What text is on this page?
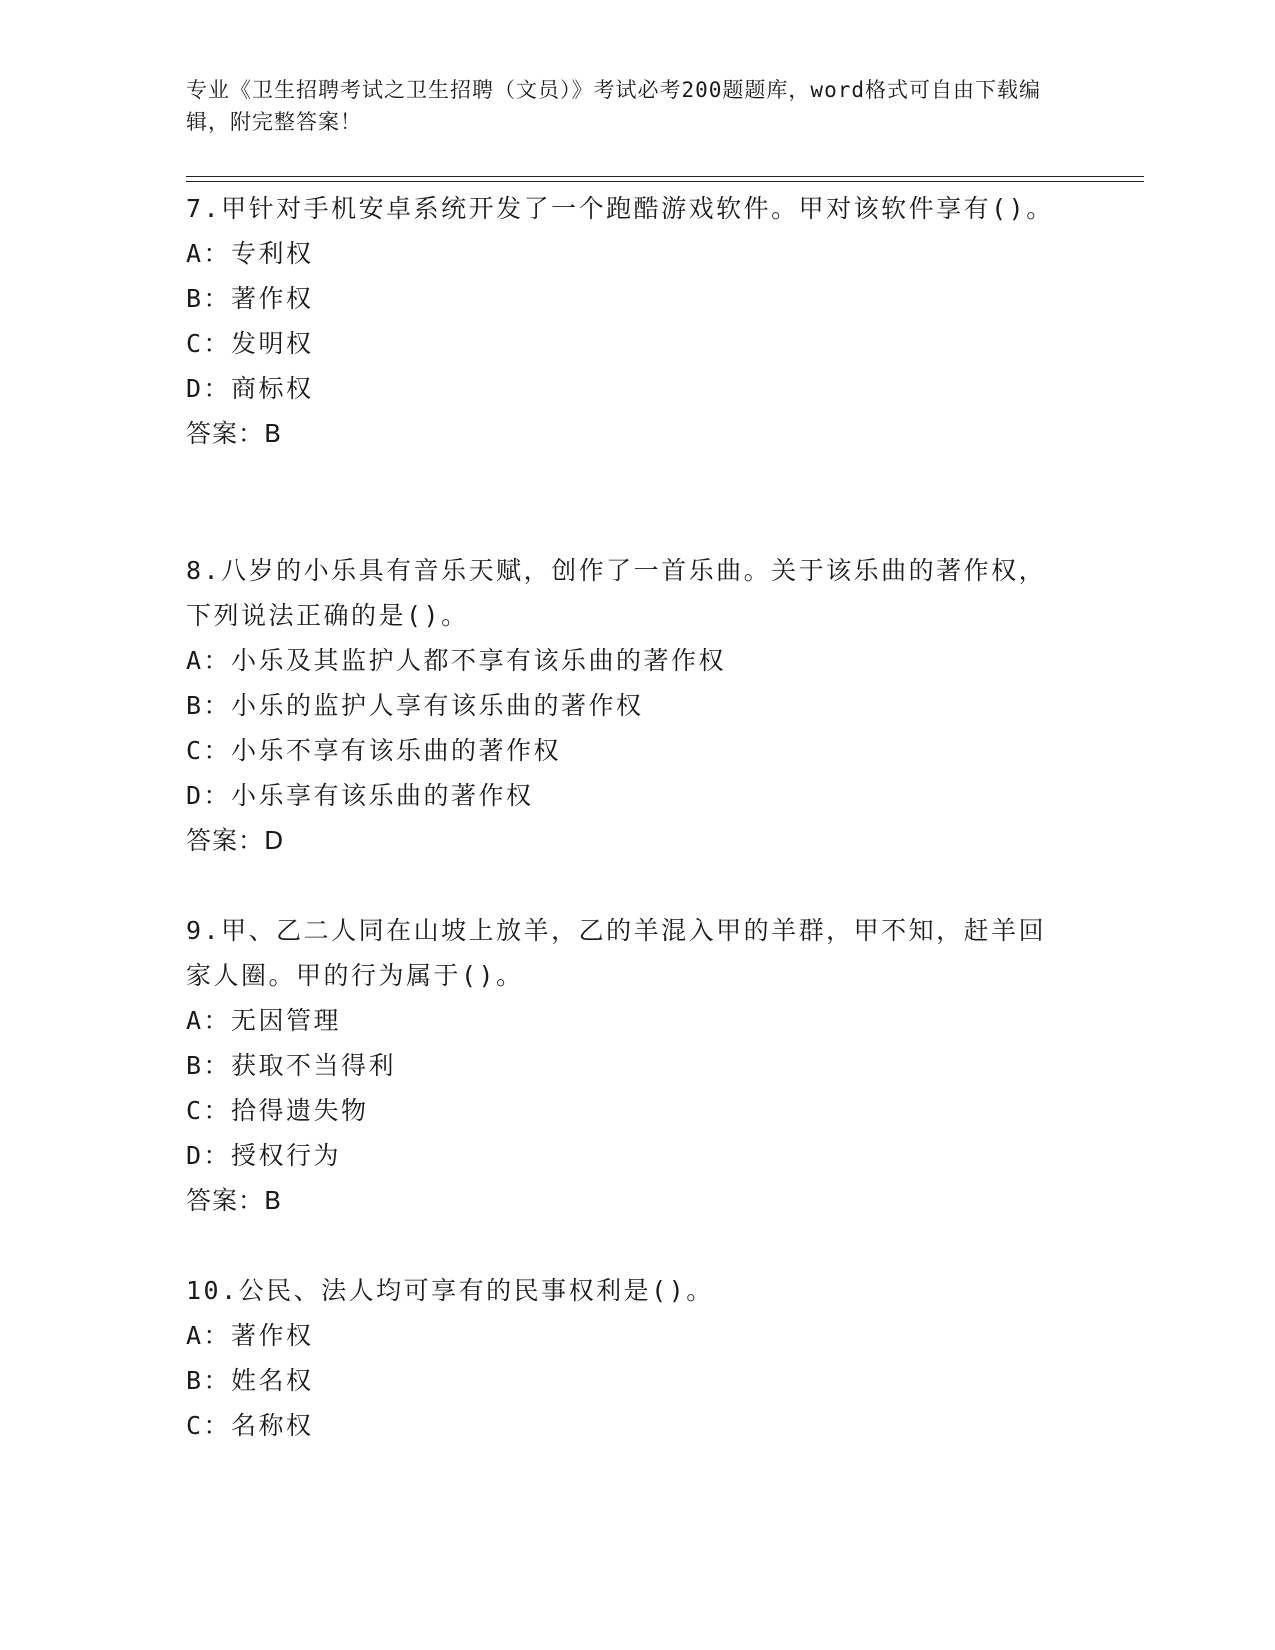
专业《卫生招聘考试之卫生招聘（文员）》考试必考200题题库，word格式可自由下载编辑，附完整答案！

7.甲针对手机安卓系统开发了一个跑酷游戏软件。甲对该软件享有()。

A：专利权

B：著作权

C：发明权

D：商标权

答案：B

8.八岁的小乐具有音乐天赋，创作了一首乐曲。关于该乐曲的著作权，下列说法正确的是()。

A：小乐及其监护人都不享有该乐曲的著作权

B：小乐的监护人享有该乐曲的著作权

C：小乐不享有该乐曲的著作权

D：小乐享有该乐曲的著作权

答案：D

9.甲、乙二人同在山坡上放羊，乙的羊混入甲的羊群，甲不知，赶羊回家人圈。甲的行为属于()。

A：无因管理

B：获取不当得利

C：拾得遗失物

D：授权行为

答案：B

10.公民、法人均可享有的民事权利是()。

A：著作权

B：姓名权

C：名称权
